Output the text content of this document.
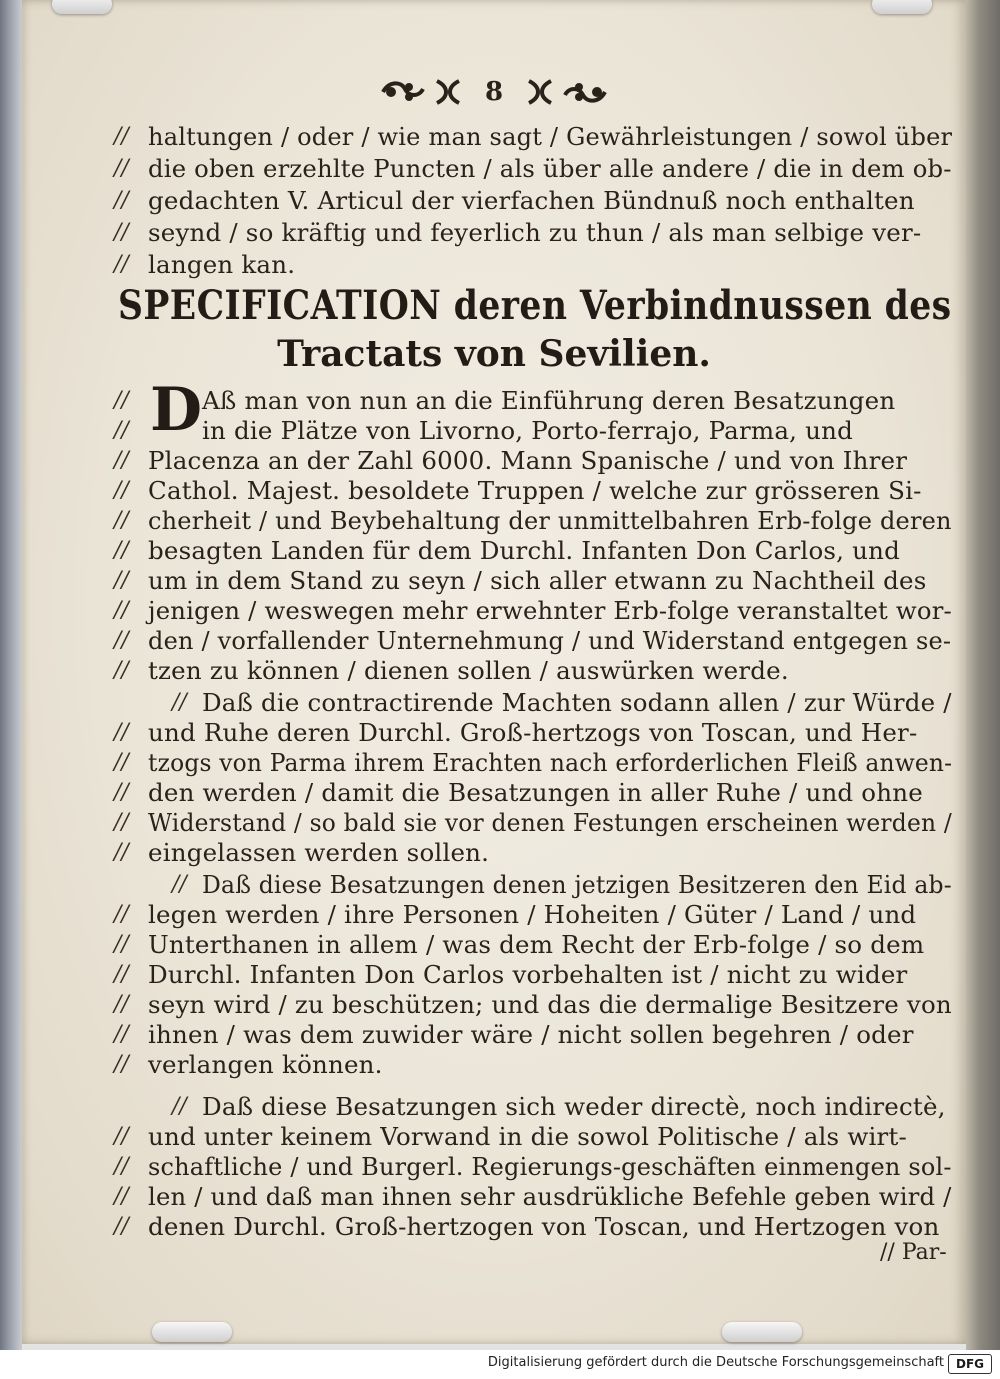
8
// haltungen / oder / wie man sagt / Gewährleistungen / sowol über
// die oben erzehlte Puncten / als über alle andere / die in dem ob-
// gedachten V. Articul der vierfachen Bündnuß noch enthalten
// seynd / so kräftig und feyerlich zu thun / als man selbige ver-
// langen kan.
SPECIFICATION deren Verbindnussen des
Tractats von Sevilien.
D
//	Aß man von nun an die Einführung deren Besatzungen
//	in die Plätze von Livorno, Porto-ferrajo, Parma, und
// Placenza an der Zahl 6000. Mann Spanische / und von Ihrer
// Cathol. Majest. besoldete Truppen / welche zur grösseren Si-
// cherheit / und Beybehaltung der unmittelbahren Erb-folge deren
// besagten Landen für dem Durchl. Infanten Don Carlos, und
// um in dem Stand zu seyn / sich aller etwann zu Nachtheil des
// jenigen / weswegen mehr erwehnter Erb-folge veranstaltet wor-
// den / vorfallender Unternehmung / und Widerstand entgegen se-
// tzen zu können / dienen sollen / auswürken werde.
// Daß die contractirende Machten sodann allen / zur Würde /
// und Ruhe deren Durchl. Groß-hertzogs von Toscan, und Her-
// tzogs von Parma ihrem Erachten nach erforderlichen Fleiß anwen-
// den werden / damit die Besatzungen in aller Ruhe / und ohne
// Widerstand / so bald sie vor denen Festungen erscheinen werden /
// eingelassen werden sollen.
// Daß diese Besatzungen denen jetzigen Besitzeren den Eid ab-
// legen werden / ihre Personen / Hoheiten / Güter / Land / und
// Unterthanen in allem / was dem Recht der Erb-folge / so dem
// Durchl. Infanten Don Carlos vorbehalten ist / nicht zu wider
// seyn wird / zu beschützen; und das die dermalige Besitzere von
// ihnen / was dem zuwider wäre / nicht sollen begehren / oder
// verlangen können.
// Daß diese Besatzungen sich weder directè, noch indirectè,
// und unter keinem Vorwand in die sowol Politische / als wirt-
// schaftliche / und Burgerl. Regierungs-geschäften einmengen sol-
// len / und daß man ihnen sehr ausdrükliche Befehle geben wird /
// denen Durchl. Groß-hertzogen von Toscan, und Hertzogen von
// Par-
Digitalisierung gefördert durch die Deutsche Forschungsgemeinschaft DFG
